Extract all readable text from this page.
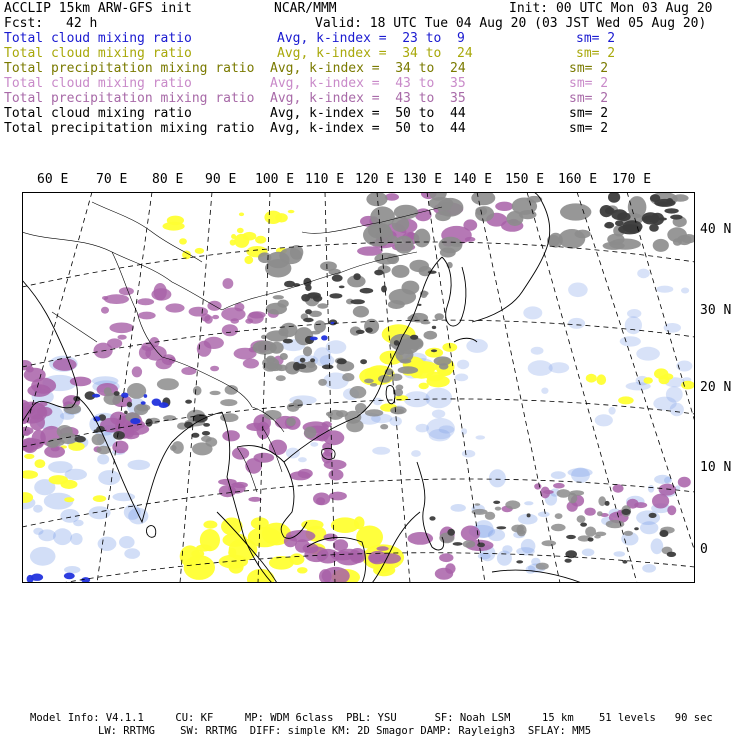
ACCLIP 15km ARW-GFS init	NCAR/MMM	Init: 00 UTC Mon 03 Aug 20
Fcst: 42 h	Valid: 18 UTC Tue 04 Aug 20 (03 JST Wed 05 Aug 20)
Total cloud mixing ratio	Avg, k-index =  23 to  9	sm= 2
Total cloud mixing ratio	Avg, k-index =  34 to  24	sm= 2
Total precipitation mixing ratio Avg, k-index =  34 to  24	sm= 2
Total cloud mixing ratio	Avg, k-index =  43 to  35	sm= 2
Total precipitation mixing ratio Avg, k-index =  43 to  35	sm= 2
Total cloud mixing ratio	Avg, k-index =  50 to  44	sm= 2
Total precipitation mixing ratio Avg, k-index =  50 to  44	sm= 2
60 E 70 E 80 E 90 E 100 E 110 E 120 E 130 E 140 E 150 E 160 E 170 E
40 N
30 N
20 N
10 N
0
Model Info: V4.1.1     CU: KF     MP: WDM 6class  PBL: YSU      SF: Noah LSM     15 km    51 levels   90 sec
LW: RRTMG    SW: RRTMG  DIFF: simple KM: 2D Smagor DAMP: Rayleigh3  SFLAY: MM5
